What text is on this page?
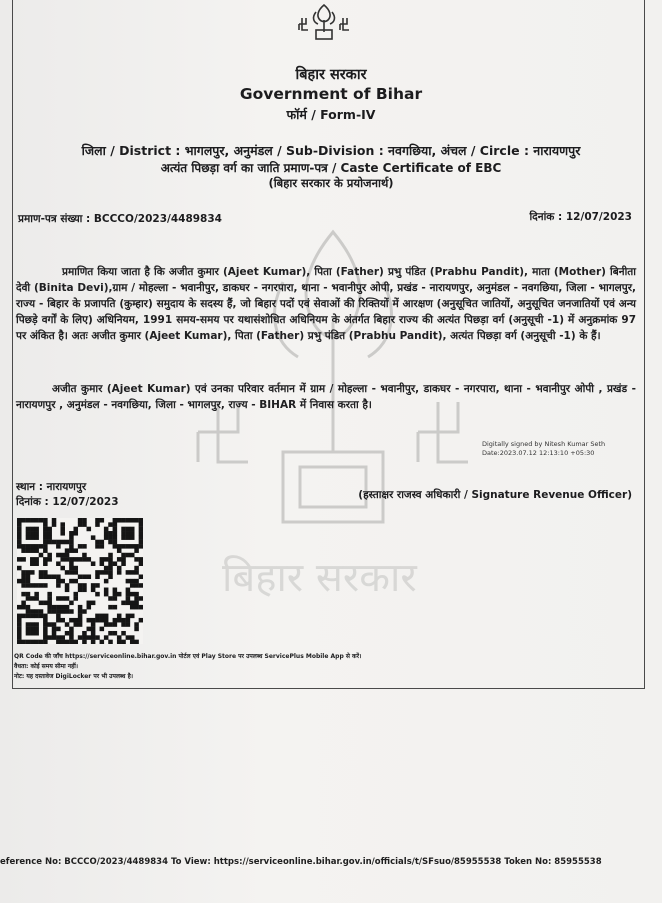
बिहार सरकार
बिहार सरकार
Government of Bihar
फॉर्म / Form-IV
जिला / District : भागलपुर, अनुमंडल / Sub-Division : नवगछिया, अंचल / Circle : नारायणपुर
अत्यंत पिछड़ा वर्ग का जाति प्रमाण-पत्र / Caste Certificate of EBC
(बिहार सरकार के प्रयोजनार्थ)
प्रमाण-पत्र संख्या : BCCCO/2023/4489834	दिनांक : 12/07/2023
प्रमाणित किया जाता है कि अजीत कुमार (Ajeet Kumar), पिता (Father) प्रभु पंडित (Prabhu Pandit), माता (Mother) बिनीता देवी (Binita Devi),ग्राम / मोहल्ला - भवानीपुर, डाकघर - नगरपारा, थाना - भवानीपुर ओपी, प्रखंड - नारायणपुर, अनुमंडल - नवगछिया, जिला - भागलपुर, राज्य - बिहार के प्रजापति (कुम्हार) समुदाय के सदस्य हैं, जो बिहार पदों एवं सेवाओं की रिक्तियों में आरक्षण (अनुसूचित जातियों, अनुसूचित जनजातियों एवं अन्य पिछड़े वर्गों के लिए) अधिनियम, 1991 समय-समय पर यथासंशोधित अधिनियम के अंतर्गत बिहार राज्य की अत्यंत पिछड़ा वर्ग (अनुसूची -1) में अनुक्रमांक 97 पर अंकित है। अतः अजीत कुमार (Ajeet Kumar), पिता (Father) प्रभु पंडित (Prabhu Pandit), अत्यंत पिछड़ा वर्ग (अनुसूची -1) के हैं।
अजीत कुमार (Ajeet Kumar) एवं उनका परिवार वर्तमान में ग्राम / मोहल्ला - भवानीपुर, डाकघर - नगरपारा, थाना - भवानीपुर ओपी , प्रखंड - नारायणपुर , अनुमंडल - नवगछिया, जिला - भागलपुर, राज्य - BIHAR में निवास करता है।
Digitally signed by Nitesh Kumar Seth
Date:2023.07.12 12:13:10 +05:30
स्थान : नारायणपुर
दिनांक : 12/07/2023
(हस्ताक्षर राजस्व अधिकारी / Signature Revenue Officer)
QR Code की जाँच https://serviceonline.bihar.gov.in पोर्टल एवं Play Store पर उपलब्ध ServicePlus Mobile App से करें।
वैधता: कोई समय सीमा नहीं।
नोट: यह दस्तावेज DigiLocker पर भी उपलब्ध है।
eference No: BCCCO/2023/4489834 To View: https://serviceonline.bihar.gov.in/officials/t/SFsuo/85955538 Token No: 85955538
